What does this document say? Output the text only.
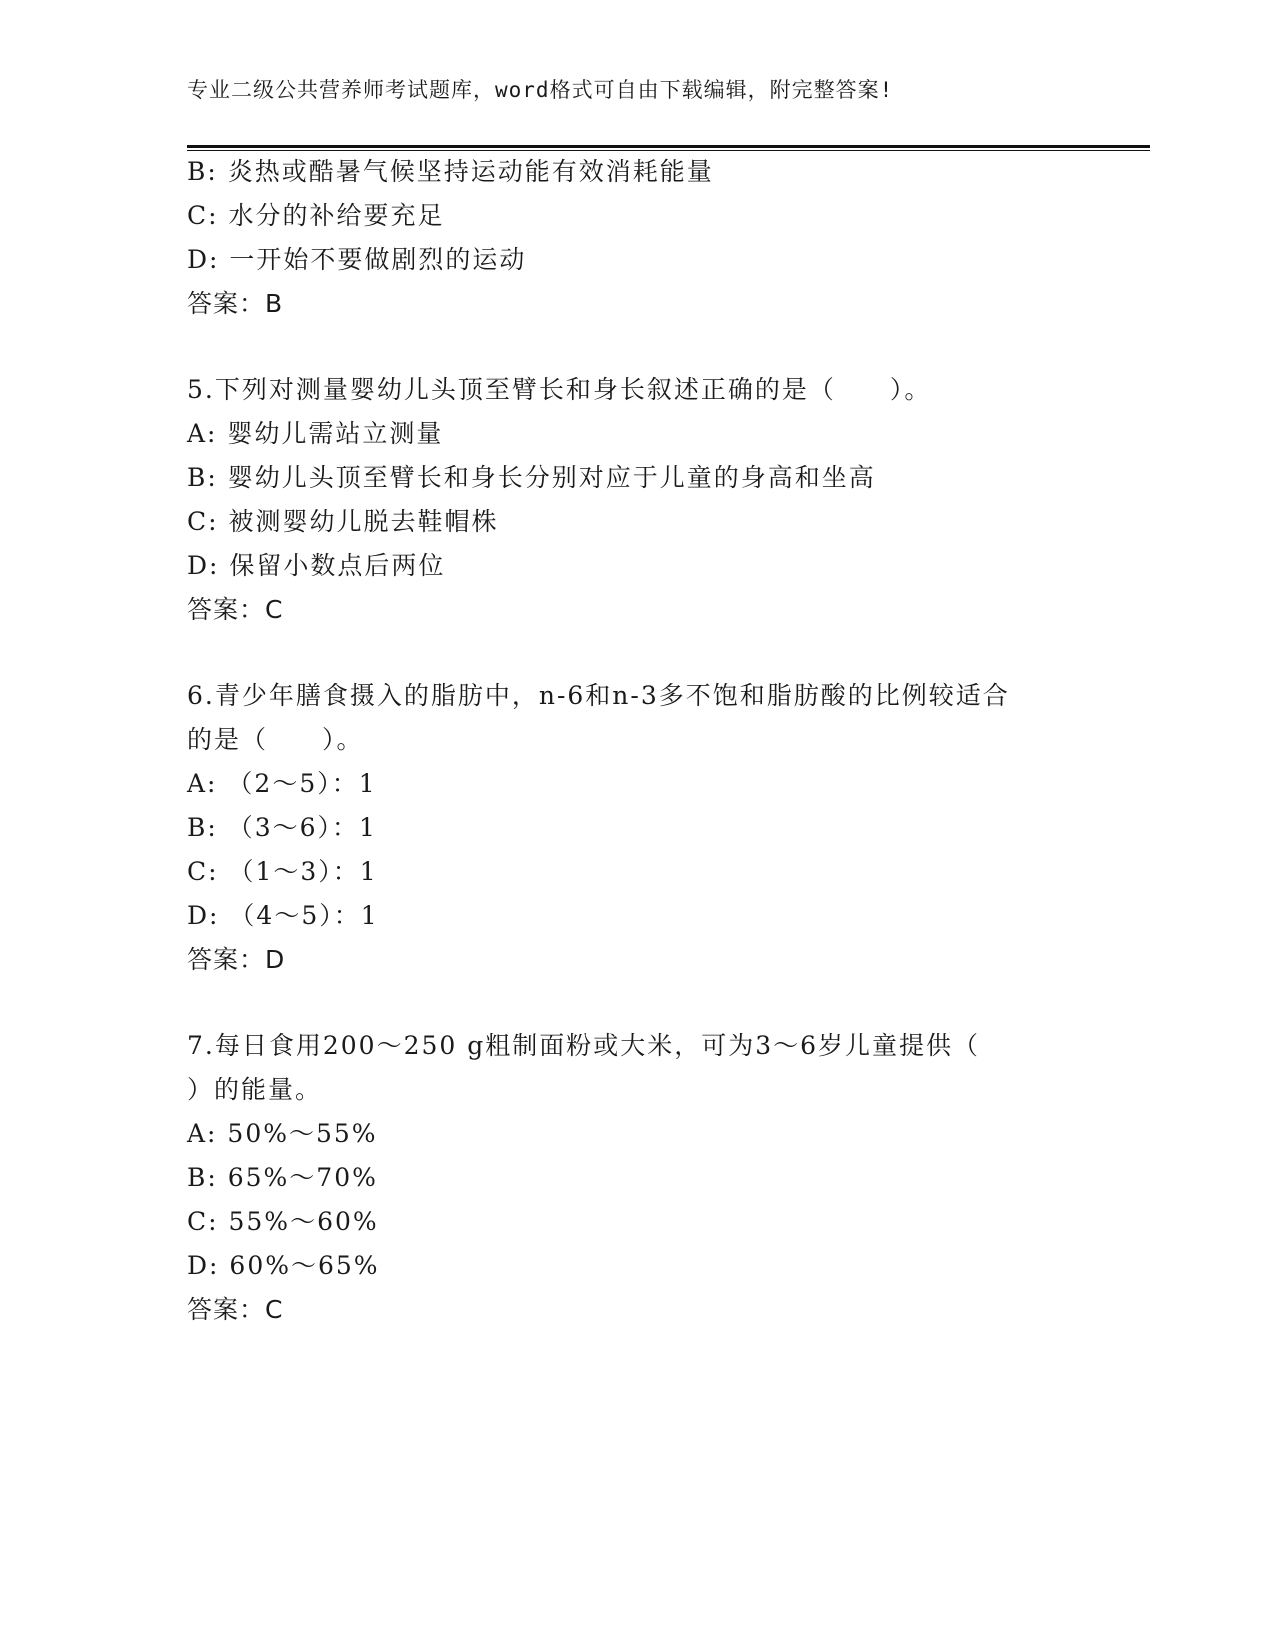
专业二级公共营养师考试题库，word格式可自由下载编辑，附完整答案!
B: 炎热或酷暑气候坚持运动能有效消耗能量
C: 水分的补给要充足
D: 一开始不要做剧烈的运动
答案：B
5.下列对测量婴幼儿头顶至臂长和身长叙述正确的是（　　）。
A: 婴幼儿需站立测量
B: 婴幼儿头顶至臂长和身长分别对应于儿童的身高和坐高
C: 被测婴幼儿脱去鞋帽株
D: 保留小数点后两位
答案：C
6.青少年膳食摄入的脂肪中，n-6和n-3多不饱和脂肪酸的比例较适合
的是（　　）。
A: （2～5）：1
B: （3～6）：1
C: （1～3）：1
D: （4～5）：1
答案：D
7.每日食用200～250 g粗制面粉或大米，可为3～6岁儿童提供（
）的能量。
A: 50%～55%
B: 65%～70%
C: 55%～60%
D: 60%～65%
答案：C
